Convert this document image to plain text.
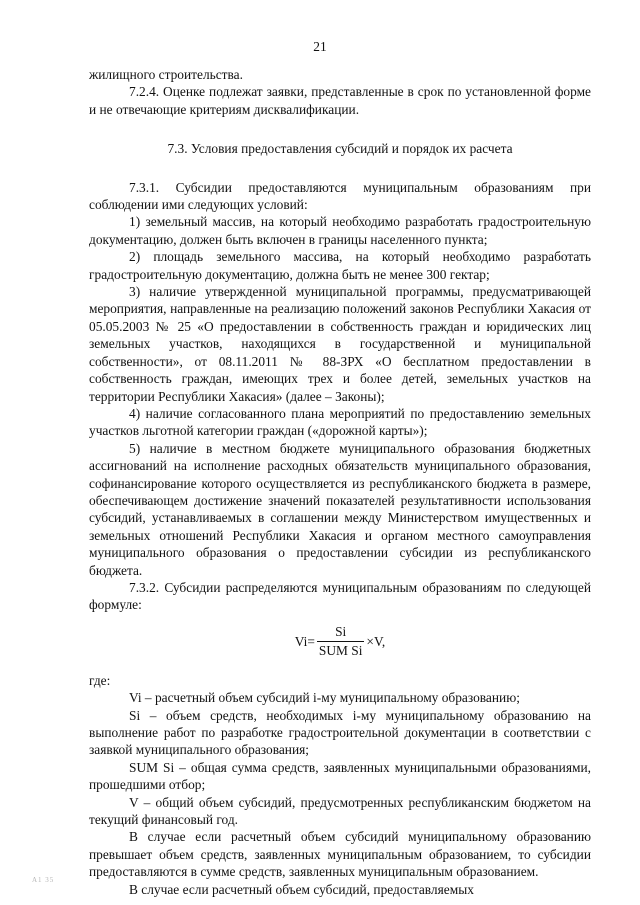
21

жилищного строительства.

7.2.4. Оценке подлежат заявки, представленные в срок по установленной форме и не отвечающие критериям дисквалификации.

7.3. Условия предоставления субсидий и порядок их расчета

7.3.1. Субсидии предоставляются муниципальным образованиям при соблюдении ими следующих условий:

1) земельный массив, на который необходимо разработать градостроительную документацию, должен быть включен в границы населенного пункта;

2) площадь земельного массива, на который необходимо разработать градостроительную документацию, должна быть не менее 300 гектар;

3) наличие утвержденной муниципальной программы, предусматривающей мероприятия, направленные на реализацию положений законов Республики Хакасия от 05.05.2003 № 25 «О предоставлении в собственность граждан и юридических лиц земельных участков, находящихся в государственной и муниципальной собственности», от 08.11.2011 № 88-ЗРХ «О бесплатном предоставлении в собственность граждан, имеющих трех и более детей, земельных участков на территории Республики Хакасия» (далее – Законы);

4) наличие согласованного плана мероприятий по предоставлению земельных участков льготной категории граждан («дорожной карты»);

5) наличие в местном бюджете муниципального образования бюджетных ассигнований на исполнение расходных обязательств муниципального образования, софинансирование которого осуществляется из республиканского бюджета в размере, обеспечивающем достижение значений показателей результативности использования субсидий, устанавливаемых в соглашении между Министерством имущественных и земельных отношений Республики Хакасия и органом местного самоуправления муниципального образования о предоставлении субсидии из республиканского бюджета.

7.3.2. Субсидии распределяются муниципальным образованиям по следующей формуле:

$Vi= \frac{Si}{\text{SUM Si}} \times V$,

где:

Vi – расчетный объем субсидий i-му муниципальному образованию;

Si – объем средств, необходимых i-му муниципальному образованию на выполнение работ по разработке градостроительной документации в соответствии с заявкой муниципального образования;

SUM Si – общая сумма средств, заявленных муниципальными образованиями, прошедшими отбор;

V – общий объем субсидий, предусмотренных республиканским бюджетом на текущий финансовый год.

В случае если расчетный объем субсидий муниципальному образованию превышает объем средств, заявленных муниципальным образованием, то субсидии предоставляются в сумме средств, заявленных муниципальным образованием.

В случае если расчетный объем субсидий, предоставляемых

A1 35
